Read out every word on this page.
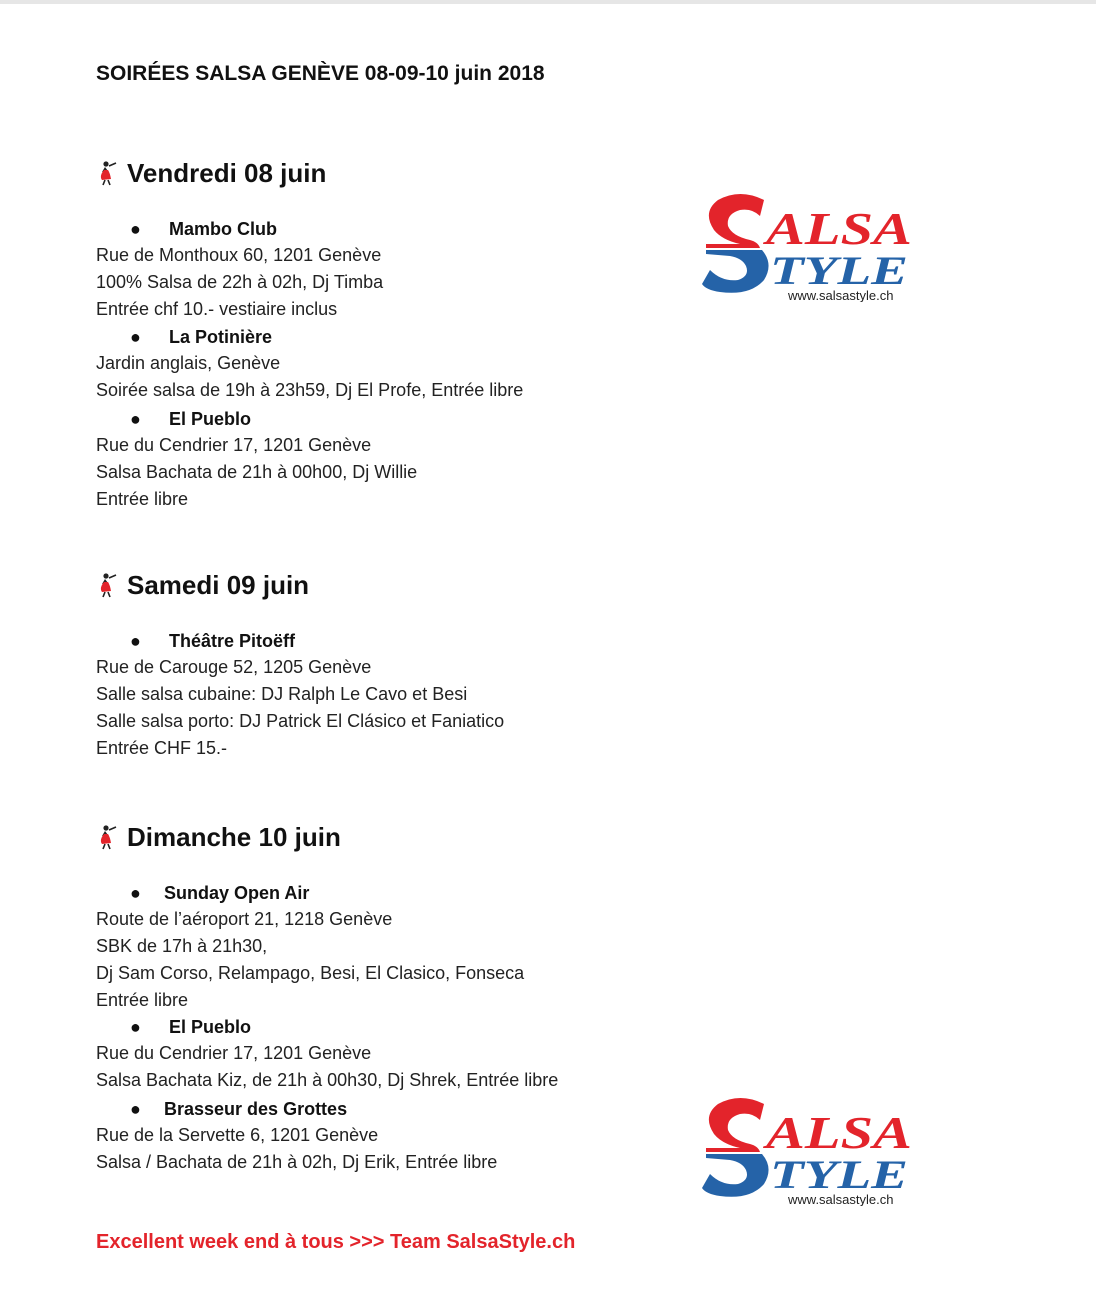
SOIRÉES SALSA GENÈVE 08-09-10 juin 2018
Vendredi 08 juin
● Mambo Club
Rue de Monthoux 60, 1201 Genève
100% Salsa de 22h à 02h, Dj Timba
Entrée chf 10.- vestiaire inclus
● La Potinière
Jardin anglais, Genève
Soirée salsa de 19h à 23h59, Dj El Profe, Entrée libre
● El Pueblo
Rue du Cendrier 17, 1201 Genève
Salsa Bachata de 21h à 00h00, Dj Willie
Entrée libre
Samedi 09 juin
● Théâtre Pitoëff
Rue de Carouge 52, 1205 Genève
Salle salsa cubaine: DJ Ralph Le Cavo et Besi
Salle salsa porto: DJ Patrick El Clásico et Faniatico
Entrée CHF 15.-
Dimanche 10 juin
● Sunday Open Air
Route de l’aéroport 21, 1218 Genève
SBK de 17h à 21h30,
Dj Sam Corso, Relampago, Besi, El Clasico, Fonseca
Entrée libre
● El Pueblo
Rue du Cendrier 17, 1201 Genève
Salsa Bachata Kiz, de 21h à 00h30, Dj Shrek, Entrée libre
● Brasseur des Grottes
Rue de la Servette 6, 1201 Genève
Salsa / Bachata de 21h à 02h, Dj Erik, Entrée libre
ALSA
TYLE
www.salsastyle.ch
ALSA
TYLE
www.salsastyle.ch
Excellent week end à tous >>> Team SalsaStyle.ch
